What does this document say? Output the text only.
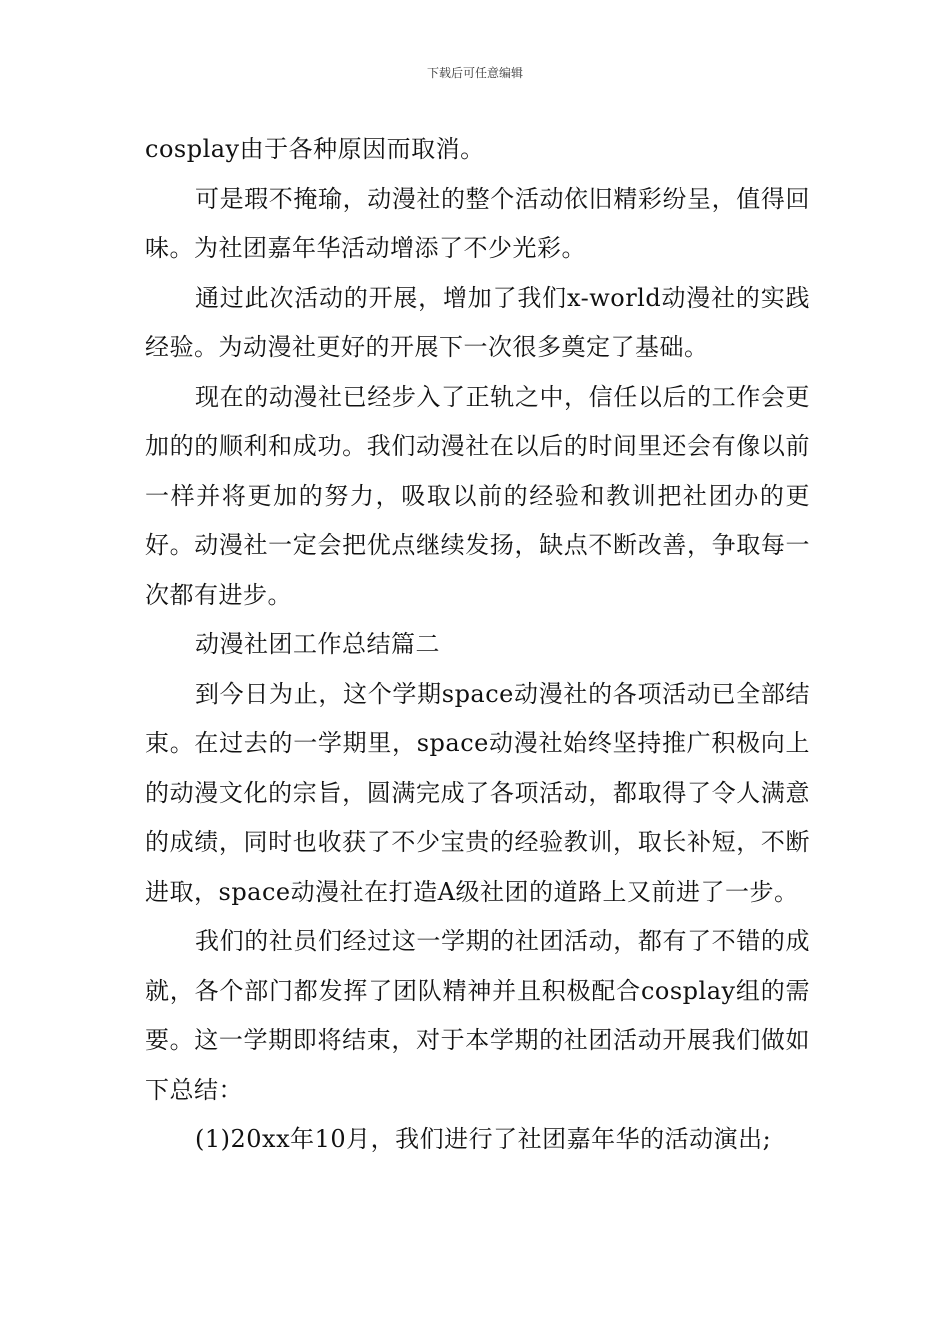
下载后可任意编辑

cosplay由于各种原因而取消。

可是瑕不掩瑜，动漫社的整个活动依旧精彩纷呈，值得回味。为社团嘉年华活动增添了不少光彩。

通过此次活动的开展，增加了我们x-world动漫社的实践经验。为动漫社更好的开展下一次很多奠定了基础。

现在的动漫社已经步入了正轨之中，信任以后的工作会更加的的顺利和成功。我们动漫社在以后的时间里还会有像以前一样并将更加的努力，吸取以前的经验和教训把社团办的更好。动漫社一定会把优点继续发扬，缺点不断改善，争取每一次都有进步。

动漫社团工作总结篇二

到今日为止，这个学期space动漫社的各项活动已全部结束。在过去的一学期里，space动漫社始终坚持推广积极向上的动漫文化的宗旨，圆满完成了各项活动，都取得了令人满意的成绩，同时也收获了不少宝贵的经验教训，取长补短，不断进取，space动漫社在打造A级社团的道路上又前进了一步。

我们的社员们经过这一学期的社团活动，都有了不错的成就，各个部门都发挥了团队精神并且积极配合cosplay组的需要。这一学期即将结束，对于本学期的社团活动开展我们做如下总结：

(1)20xx年10月，我们进行了社团嘉年华的活动演出;
